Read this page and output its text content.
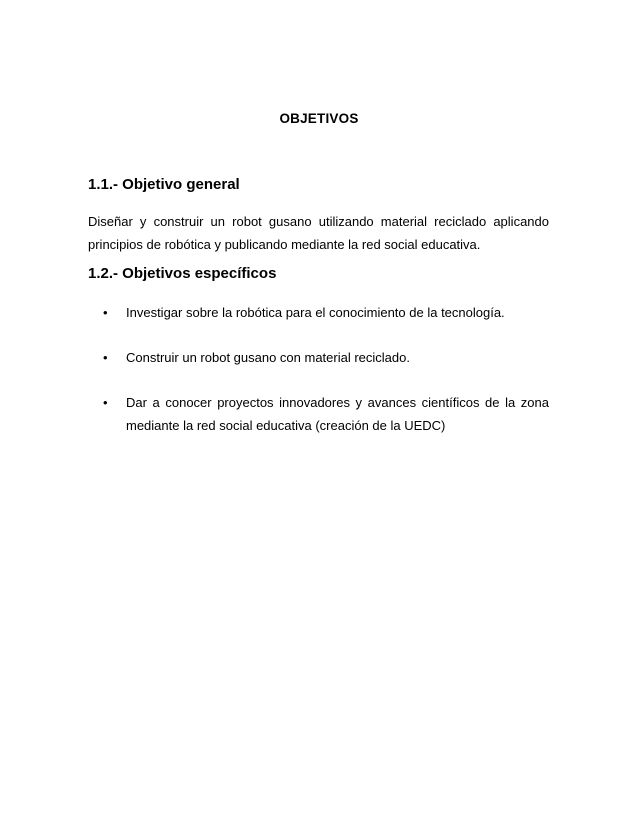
OBJETIVOS
1.1.- Objetivo general
Diseñar y construir un robot gusano utilizando material reciclado aplicando principios de robótica y publicando mediante la red social educativa.
1.2.- Objetivos específicos
• Investigar sobre la robótica para el conocimiento de la tecnología.
• Construir un robot gusano con material reciclado.
• Dar a conocer proyectos innovadores y avances científicos de la zona mediante la red social educativa (creación de la UEDC)
